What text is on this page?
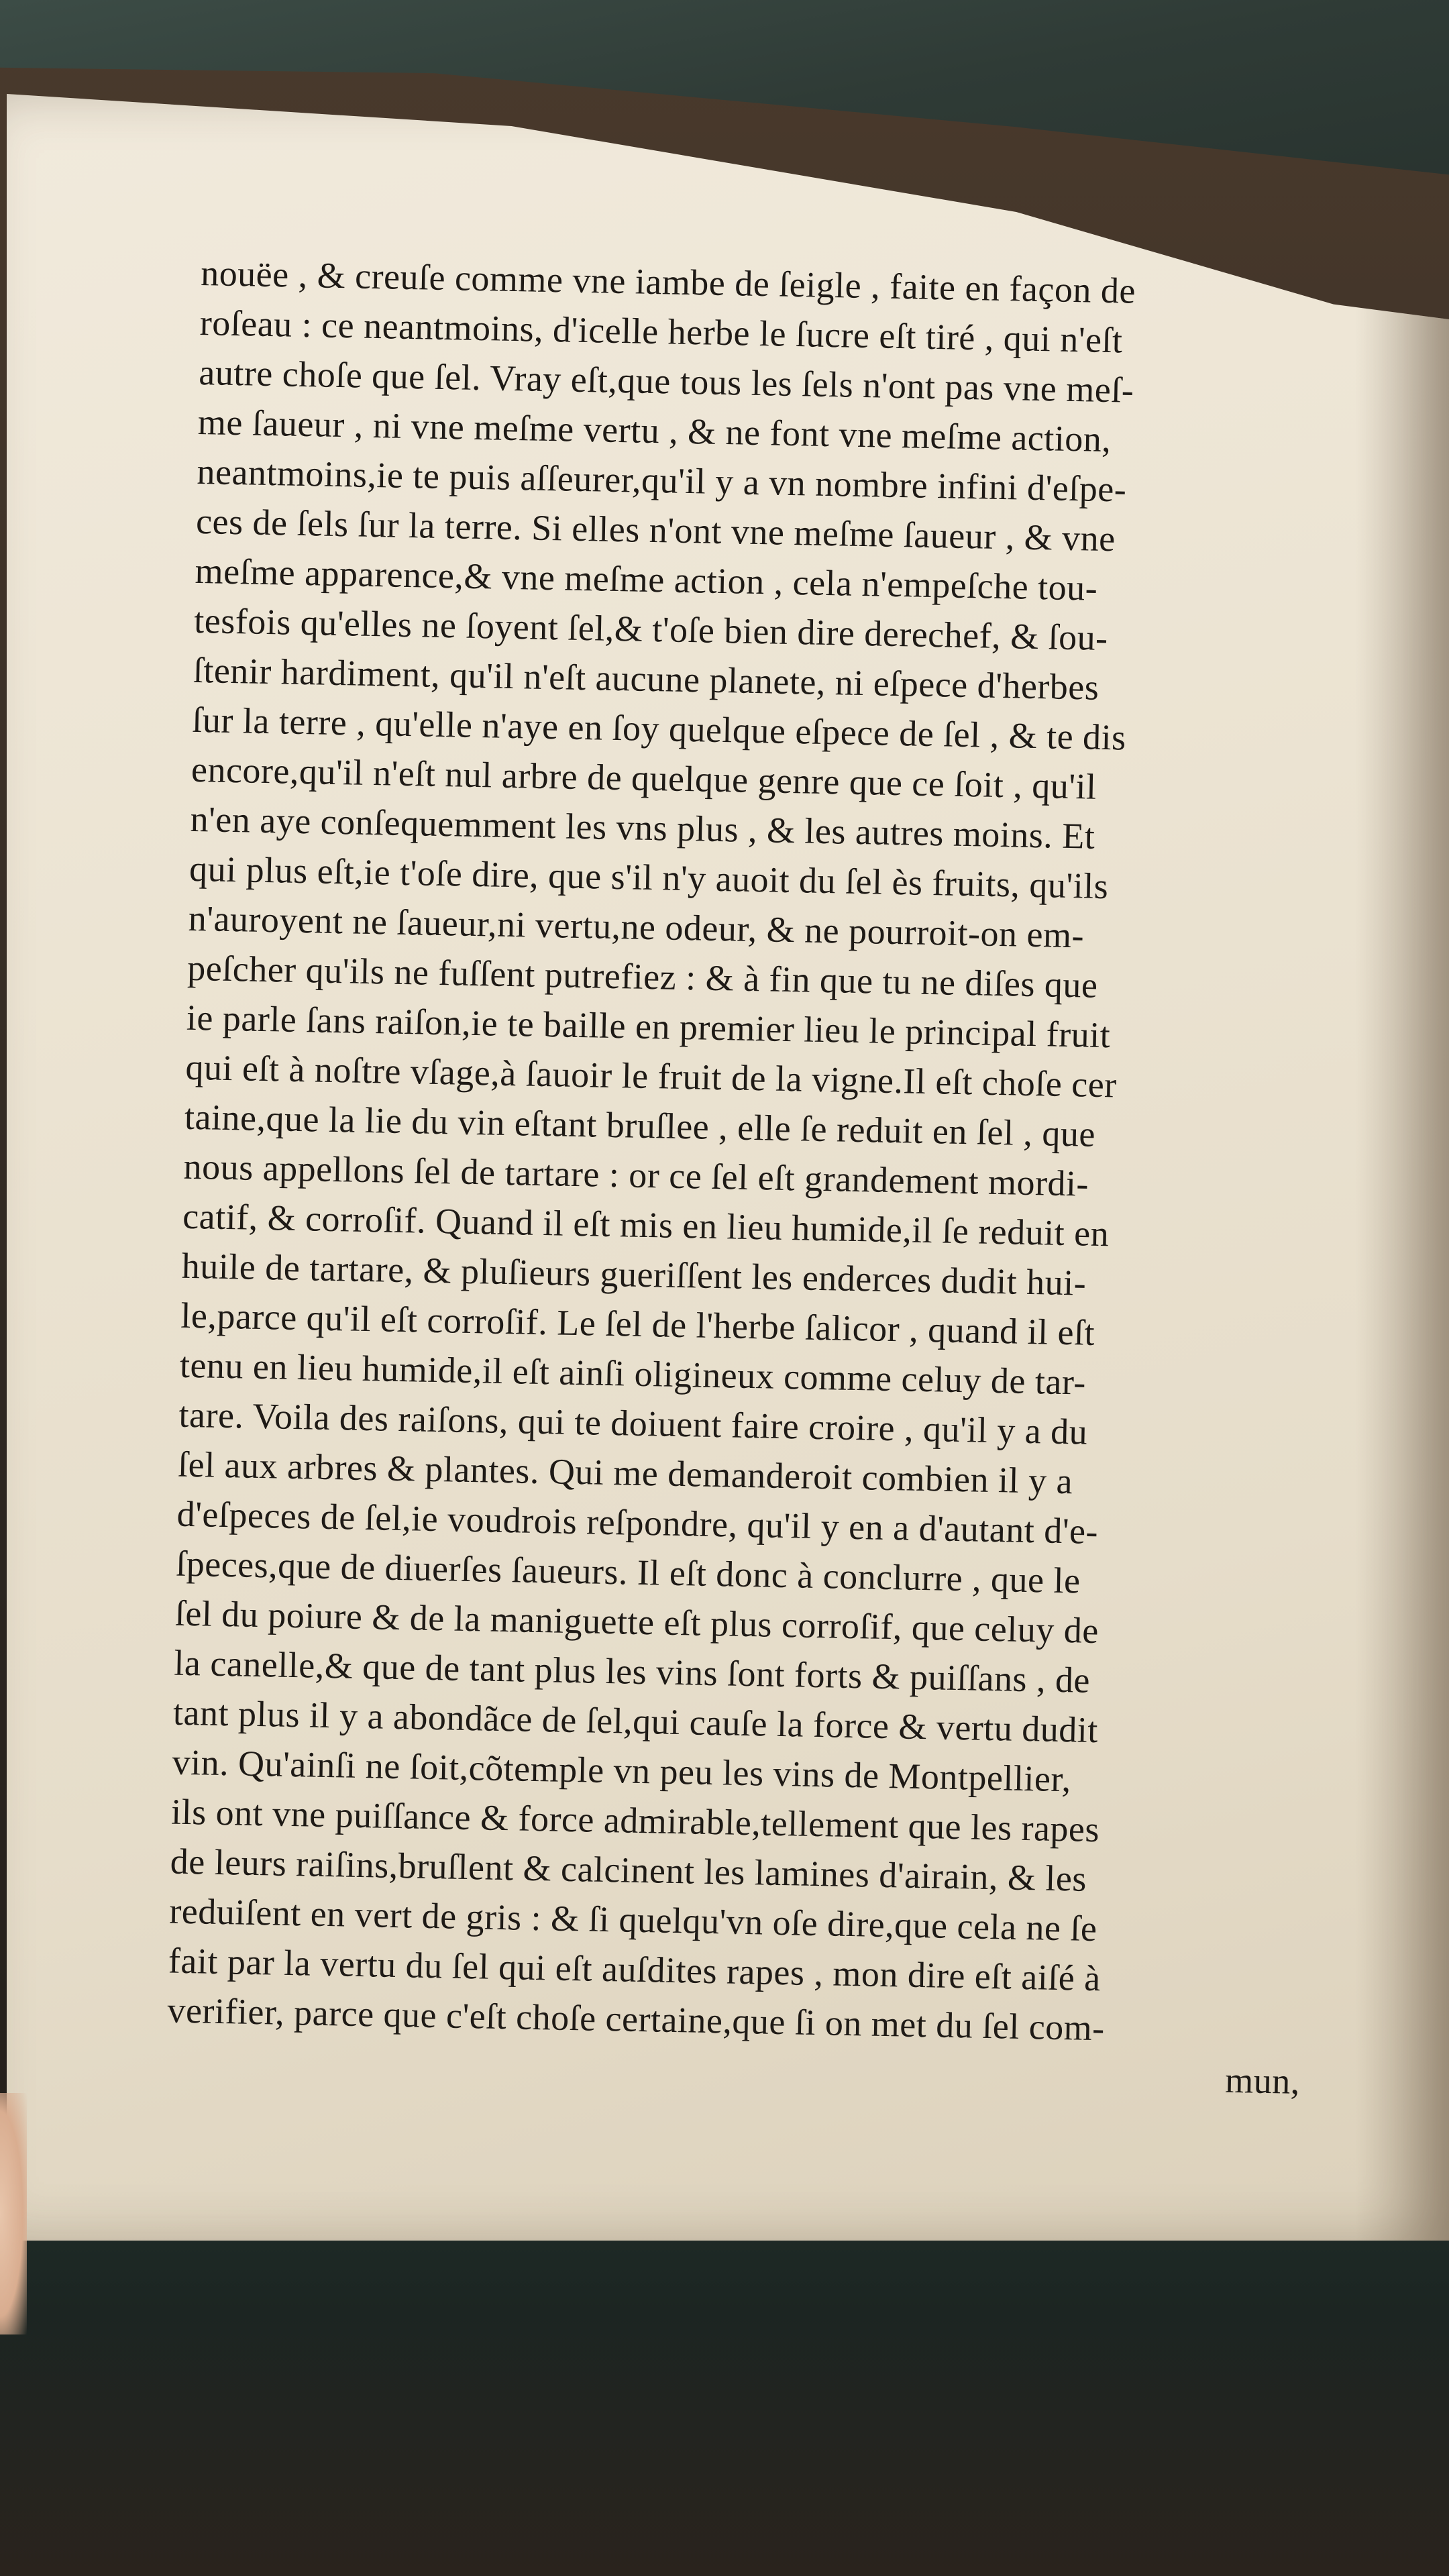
nouëe , & creuſe comme vne iambe de ſeigle , faite en façon de
roſeau : ce neantmoins, d'icelle herbe le ſucre eſt tiré , qui n'eſt
autre choſe que ſel. Vray eſt,que tous les ſels n'ont pas vne meſ-
me ſaueur , ni vne meſme vertu , & ne font vne meſme action,
neantmoins,ie te puis aſſeurer,qu'il y a vn nombre infini d'eſpe-
ces de ſels ſur la terre. Si elles n'ont vne meſme ſaueur , & vne
meſme apparence,& vne meſme action , cela n'empeſche tou-
tesfois qu'elles ne ſoyent ſel,& t'oſe bien dire derechef, & ſou-
ſtenir hardiment, qu'il n'eſt aucune planete, ni eſpece d'herbes
ſur la terre , qu'elle n'aye en ſoy quelque eſpece de ſel , & te dis
encore,qu'il n'eſt nul arbre de quelque genre que ce ſoit , qu'il
n'en aye conſequemment les vns plus , & les autres moins. Et
qui plus eſt,ie t'oſe dire, que s'il n'y auoit du ſel ès fruits, qu'ils
n'auroyent ne ſaueur,ni vertu,ne odeur, & ne pourroit-on em-
peſcher qu'ils ne fuſſent putrefiez : & à fin que tu ne diſes que
ie parle ſans raiſon,ie te baille en premier lieu le principal fruit
qui eſt à noſtre vſage,à ſauoir le fruit de la vigne.Il eſt choſe cer
taine,que la lie du vin eſtant bruſlee , elle ſe reduit en ſel , que
nous appellons ſel de tartare : or ce ſel eſt grandement mordi-
catif, & corroſif. Quand il eſt mis en lieu humide,il ſe reduit en
huile de tartare, & pluſieurs gueriſſent les enderces dudit hui-
le,parce qu'il eſt corroſif. Le ſel de l'herbe ſalicor , quand il eſt
tenu en lieu humide,il eſt ainſi oligineux comme celuy de tar-
tare. Voila des raiſons, qui te doiuent faire croire , qu'il y a du
ſel aux arbres & plantes. Qui me demanderoit combien il y a
d'eſpeces de ſel,ie voudrois reſpondre, qu'il y en a d'autant d'e-
ſpeces,que de diuerſes ſaueurs. Il eſt donc à conclurre , que le
ſel du poiure & de la maniguette eſt plus corroſif, que celuy de
la canelle,& que de tant plus les vins ſont forts & puiſſans , de
tant plus il y a abondãce de ſel,qui cauſe la force & vertu dudit
vin. Qu'ainſi ne ſoit,cõtemple vn peu les vins de Montpellier,
ils ont vne puiſſance & force admirable,tellement que les rapes
de leurs raiſins,bruſlent & calcinent les lamines d'airain, & les
reduiſent en vert de gris : & ſi quelqu'vn oſe dire,que cela ne ſe
fait par la vertu du ſel qui eſt auſdites rapes , mon dire eſt aiſé à
verifier, parce que c'eſt choſe certaine,que ſi on met du ſel com-
mun,
